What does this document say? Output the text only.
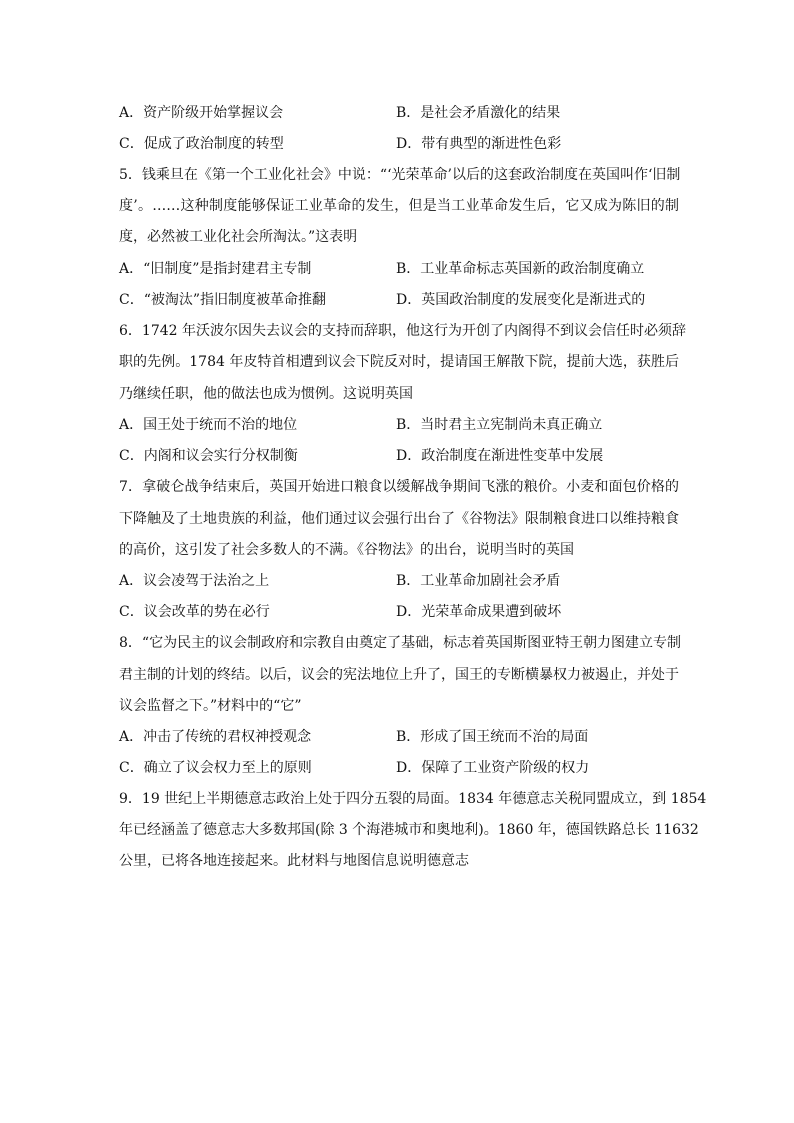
A．资产阶级开始掌握议会	B．是社会矛盾激化的结果
C．促成了政治制度的转型	D．带有典型的渐进性色彩
5．钱乘旦在《第一个工业化社会》中说：“‘光荣革命’以后的这套政治制度在英国叫作‘旧制
度’。……这种制度能够保证工业革命的发生，但是当工业革命发生后，它又成为陈旧的制
度，必然被工业化社会所淘汰。”这表明
A．“旧制度”是指封建君主专制	B．工业革命标志英国新的政治制度确立
C．“被淘汰”指旧制度被革命推翻	D．英国政治制度的发展变化是渐进式的
6．1742 年沃波尔因失去议会的支持而辞职，他这行为开创了内阁得不到议会信任时必须辞
职的先例。1784 年皮特首相遭到议会下院反对时，提请国王解散下院，提前大选，获胜后
乃继续任职，他的做法也成为惯例。这说明英国
A．国王处于统而不治的地位	B．当时君主立宪制尚未真正确立
C．内阁和议会实行分权制衡	D．政治制度在渐进性变革中发展
7．拿破仑战争结束后，英国开始进口粮食以缓解战争期间飞涨的粮价。小麦和面包价格的
下降触及了土地贵族的利益，他们通过议会强行出台了《谷物法》限制粮食进口以维持粮食
的高价，这引发了社会多数人的不满。《谷物法》的出台，说明当时的英国
A．议会凌驾于法治之上	B．工业革命加剧社会矛盾
C．议会改革的势在必行	D．光荣革命成果遭到破坏
8．“它为民主的议会制政府和宗教自由奠定了基础，标志着英国斯图亚特王朝力图建立专制
君主制的计划的终结。以后，议会的宪法地位上升了，国王的专断横暴权力被遏止，并处于
议会监督之下。”材料中的“它”
A．冲击了传统的君权神授观念	B．形成了国王统而不治的局面
C．确立了议会权力至上的原则	D．保障了工业资产阶级的权力
9．19 世纪上半期德意志政治上处于四分五裂的局面。1834 年德意志关税同盟成立，到 1854
年已经涵盖了德意志大多数邦国(除 3 个海港城市和奥地利)。1860 年，德国铁路总长 11632
公里，已将各地连接起来。此材料与地图信息说明德意志
